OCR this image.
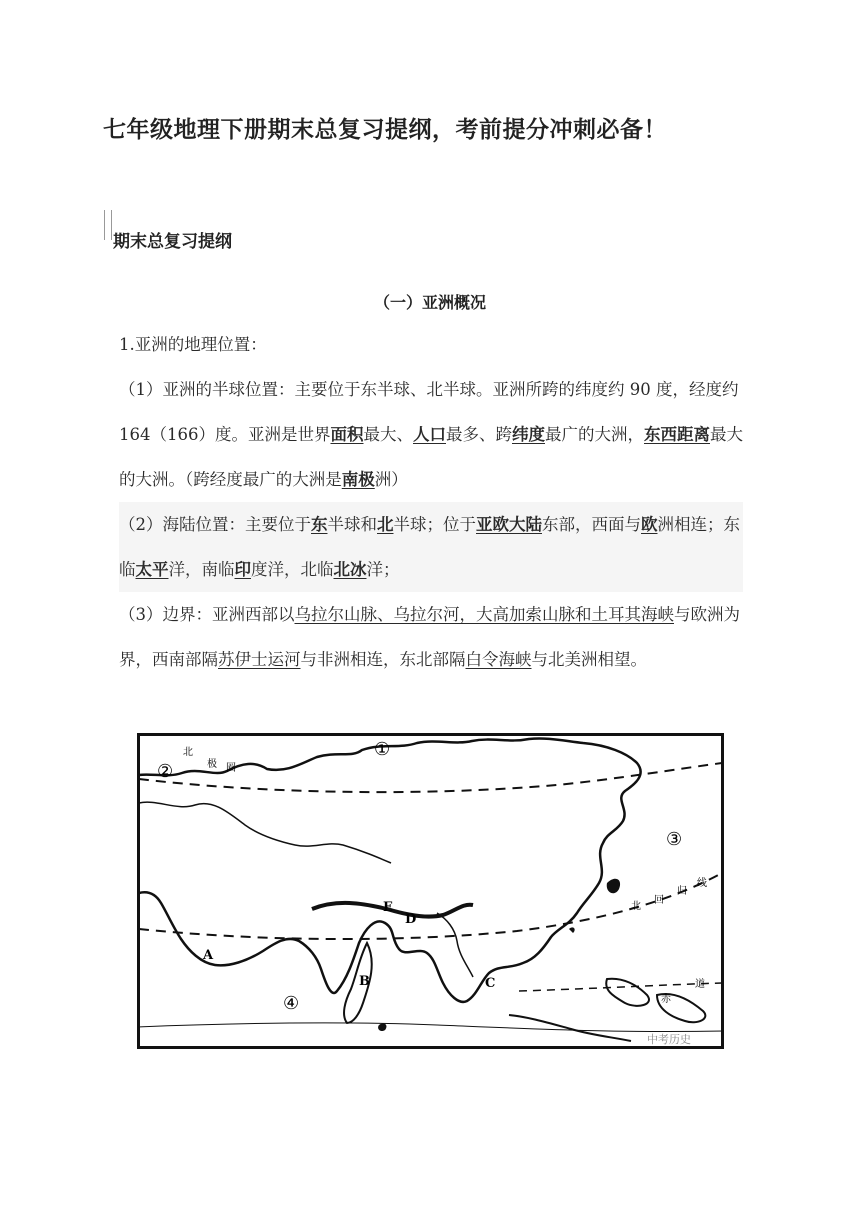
七年级地理下册期末总复习提纲，考前提分冲刺必备！
期末总复习提纲
（一）亚洲概况

1.亚洲的地理位置：

（1）亚洲的半球位置：主要位于东半球、北半球。亚洲所跨的纬度约 90 度，经度约 164（166）度。亚洲是世界面积最大、人口最多、跨纬度最广的大洲，东西距离最大的大洲。（跨经度最广的大洲是南极洲）

（2）海陆位置：主要位于东半球和北半球；位于亚欧大陆东部，西面与欧洲相连；东临太平洋，南临印度洋，北临北冰洋；

（3）边界：亚洲西部以乌拉尔山脉、乌拉尔河，大高加索山脉和土耳其海峡与欧洲为界，西南部隔苏伊士运河与非洲相连，东北部隔白令海峡与北美洲相望。

①
②
③
④
A
B	C
D
E
北
极 圈
北
回
归
线
赤
道
中考历史
